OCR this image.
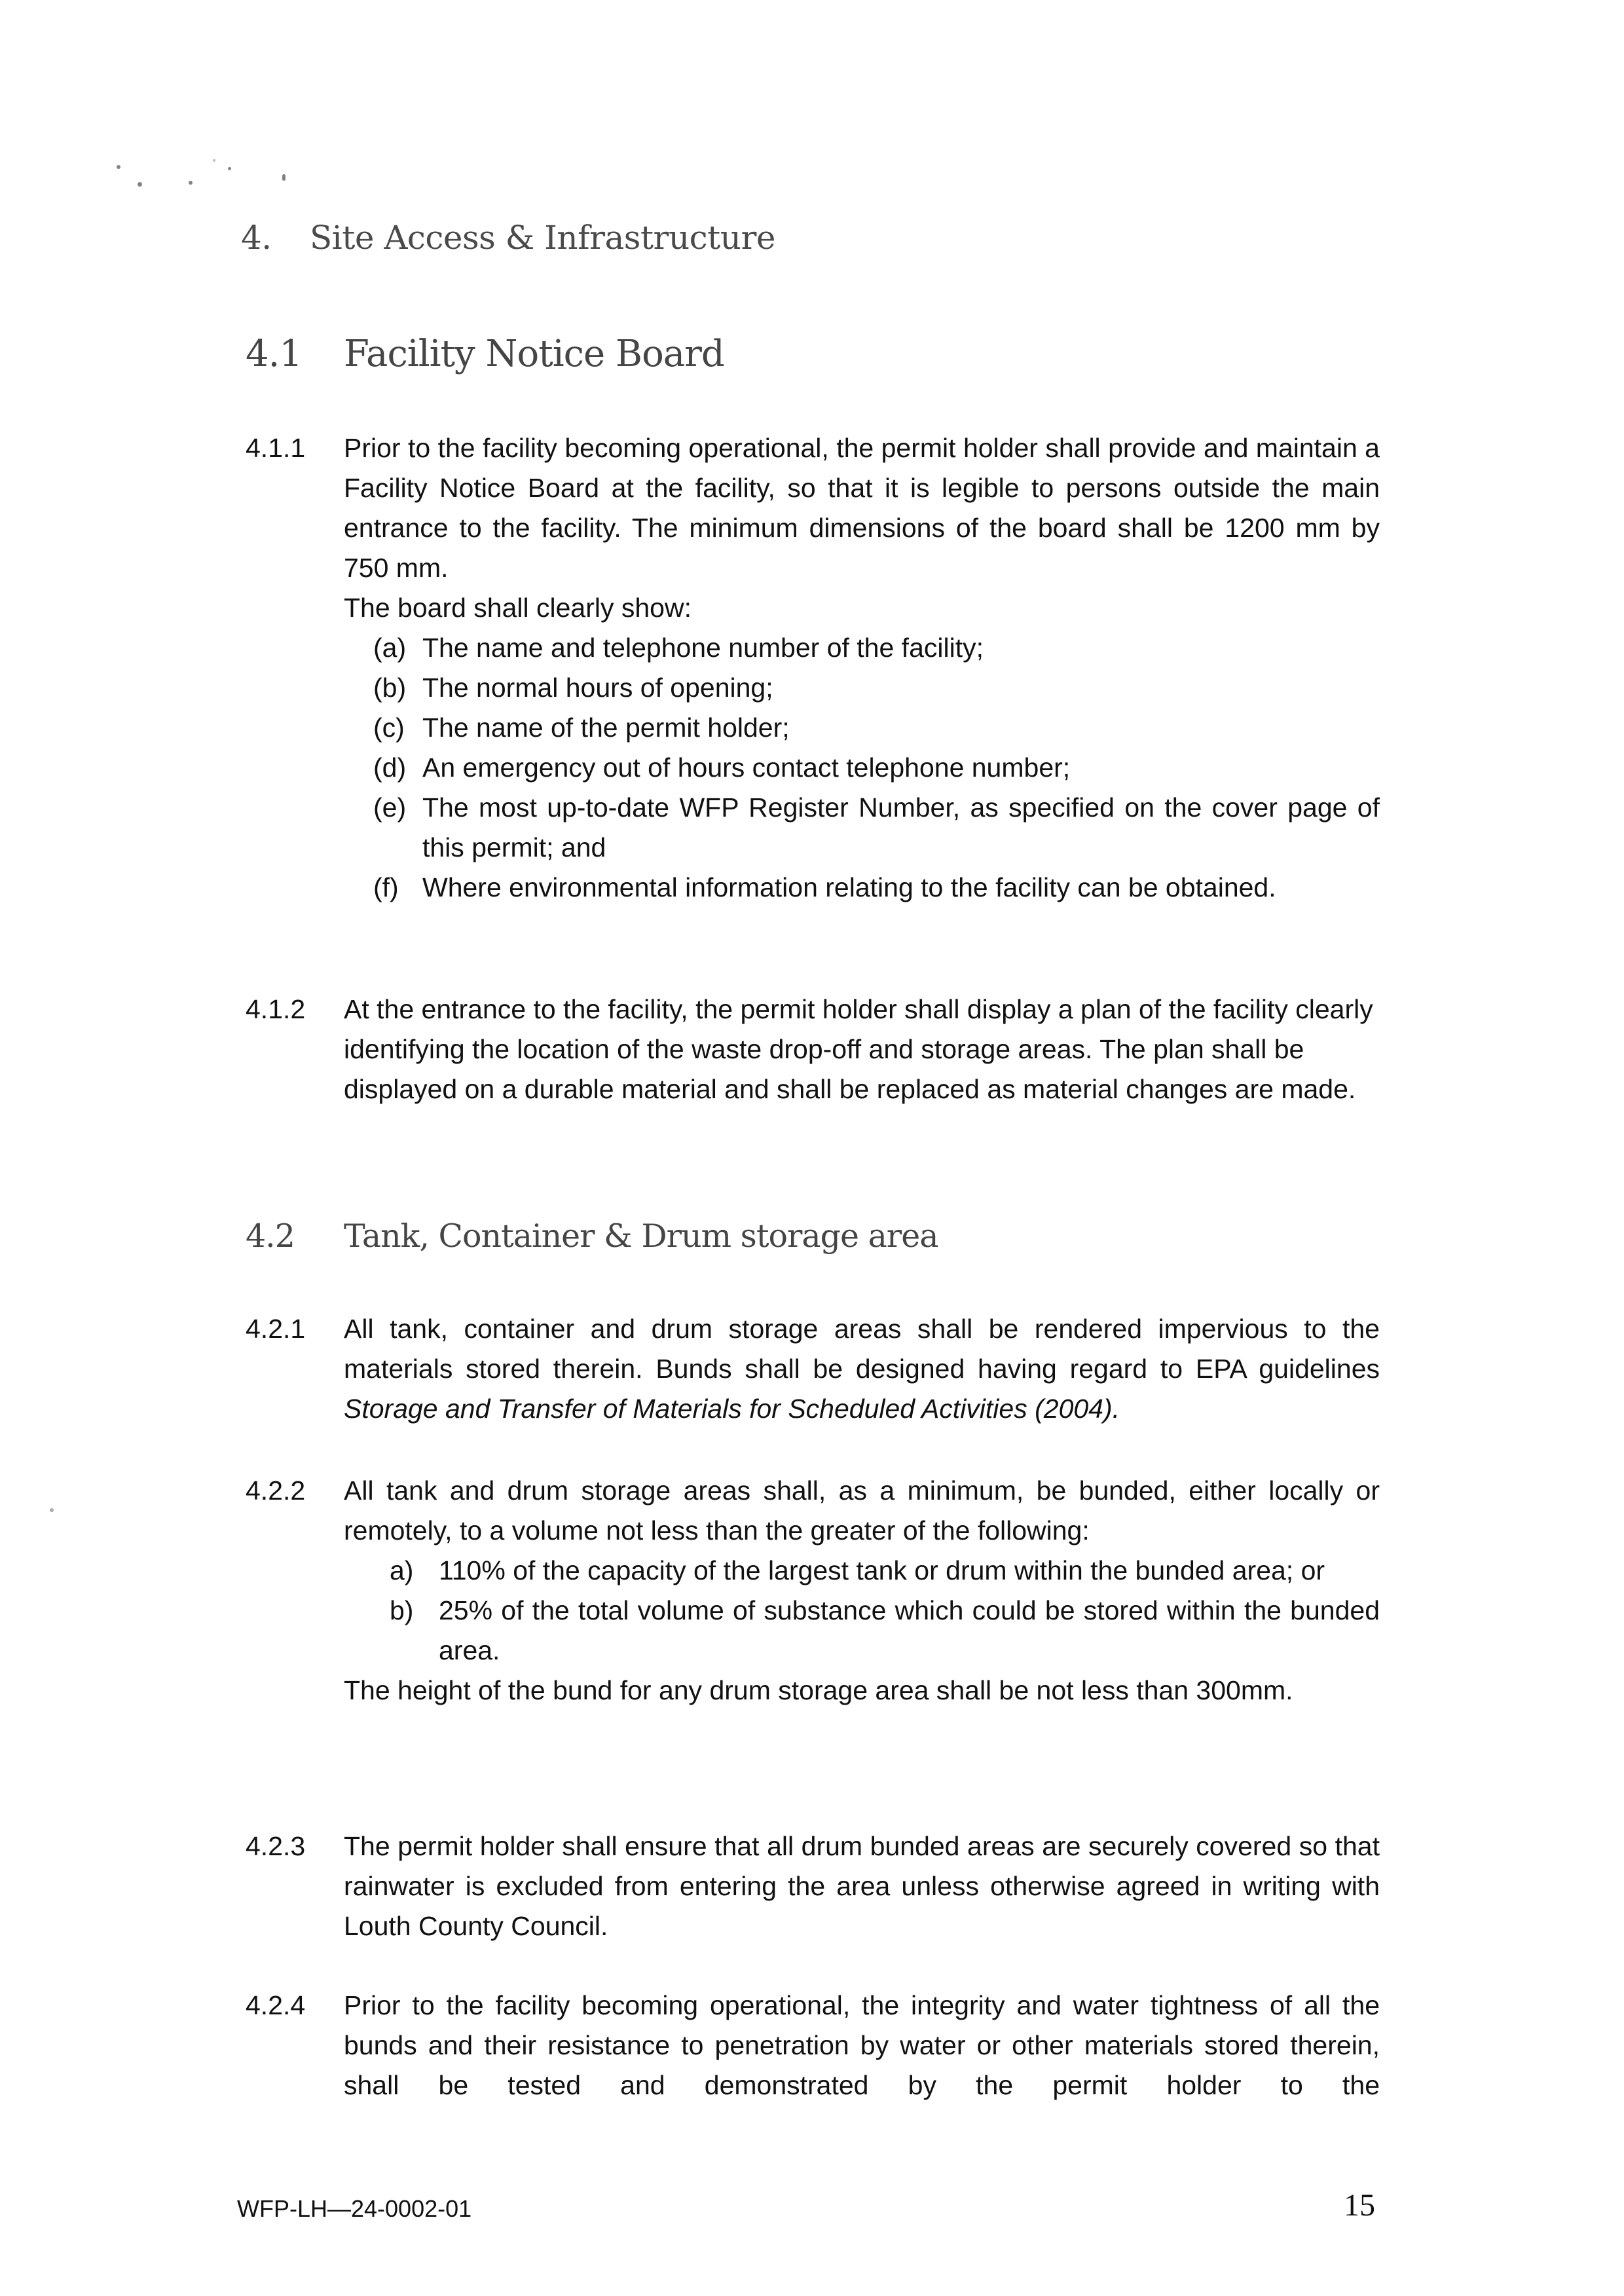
4. Site Access & Infrastructure
4.1 Facility Notice Board
4.1.1	Prior to the facility becoming operational, the permit holder shall provide and maintain a Facility Notice Board at the facility, so that it is legible to persons outside the main entrance to the facility. The minimum dimensions of the board shall be 1200 mm by 750 mm.

The board shall clearly show:

(a) The name and telephone number of the facility;
(b) The normal hours of opening;
(c) The name of the permit holder;
(d) An emergency out of hours contact telephone number;
(e) The most up-to-date WFP Register Number, as specified on the cover page of this permit; and
(f) Where environmental information relating to the facility can be obtained.
4.1.2	At the entrance to the facility, the permit holder shall display a plan of the facility clearly identifying the location of the waste drop-off and storage areas. The plan shall be displayed on a durable material and shall be replaced as material changes are made.

4.2 Tank, Container & Drum storage area
4.2.1	All tank, container and drum storage areas shall be rendered impervious to the materials stored therein. Bunds shall be designed having regard to EPA guidelines Storage and Transfer of Materials for Scheduled Activities (2004).

4.2.2	All tank and drum storage areas shall, as a minimum, be bunded, either locally or remotely, to a volume not less than the greater of the following:

a) 110% of the capacity of the largest tank or drum within the bunded area; or
b) 25% of the total volume of substance which could be stored within the bunded area.

The height of the bund for any drum storage area shall be not less than 300mm.

4.2.3	The permit holder shall ensure that all drum bunded areas are securely covered so that rainwater is excluded from entering the area unless otherwise agreed in writing with Louth County Council.

4.2.4	Prior to the facility becoming operational, the integrity and water tightness of all the bunds and their resistance to penetration by water or other materials stored therein, shall be tested and demonstrated by the permit holder to the

WFP-LH—24-0002-01	15
